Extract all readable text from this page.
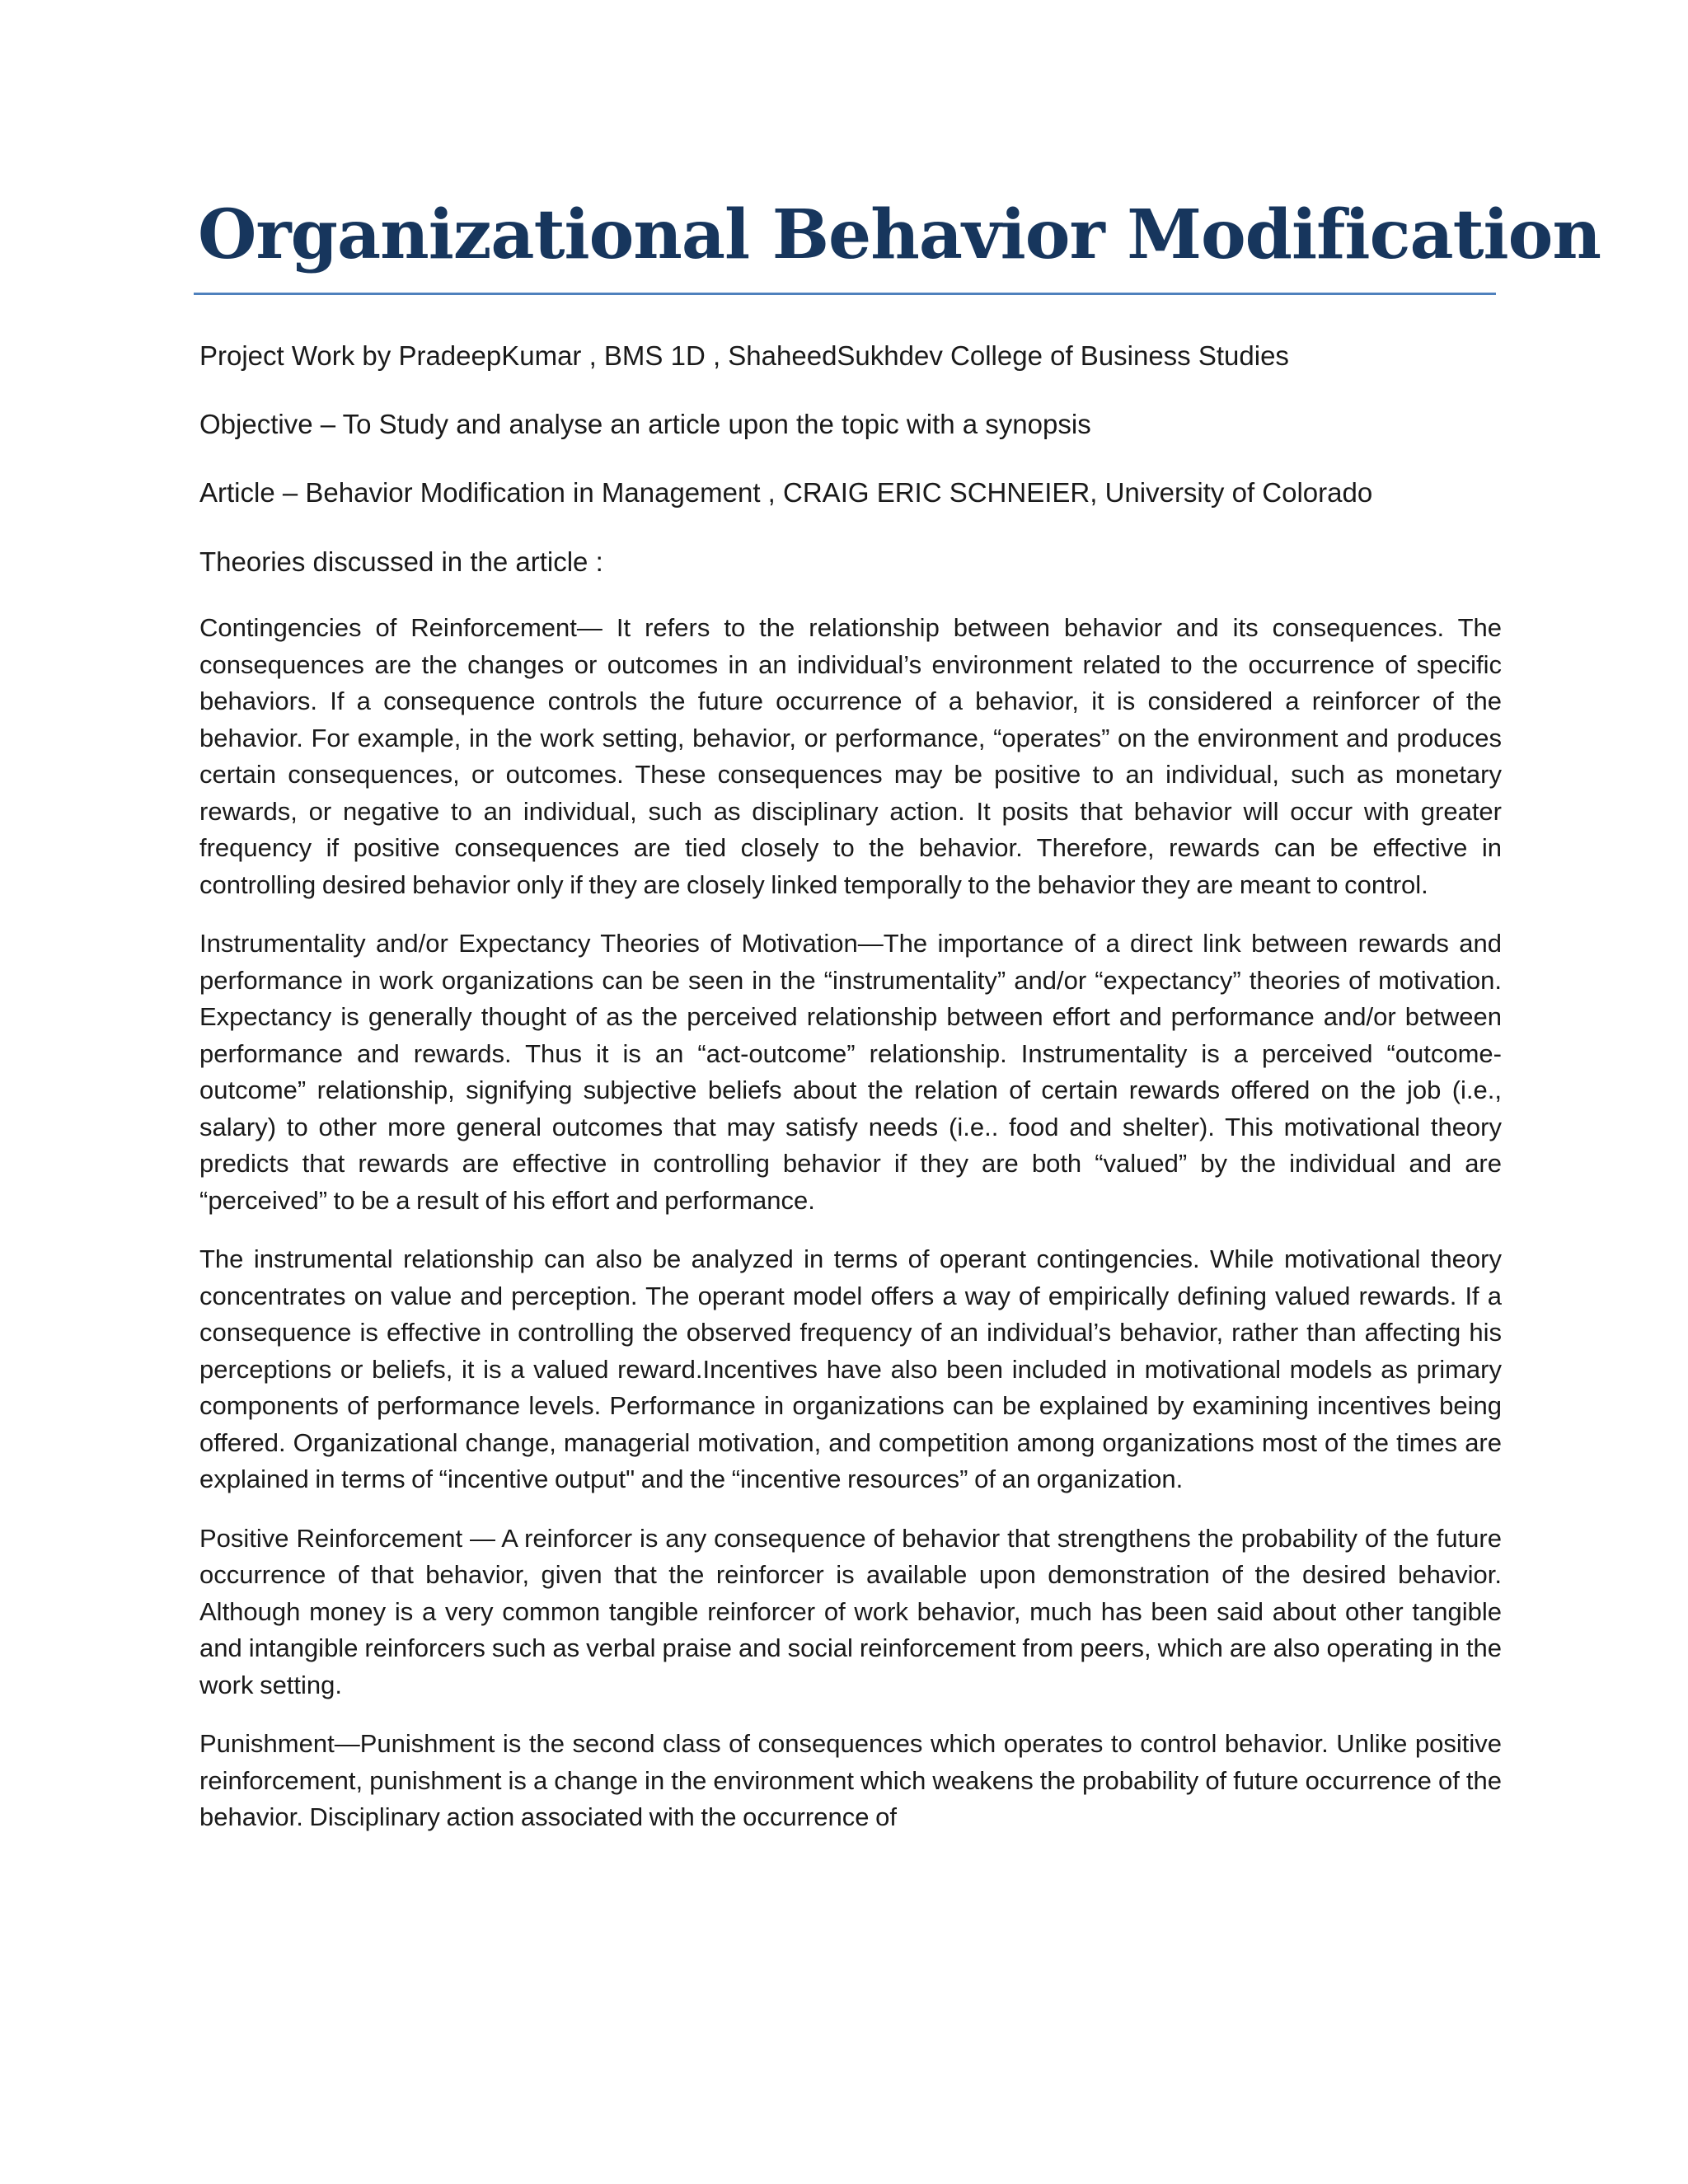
Organizational Behavior Modification
Project Work by PradeepKumar , BMS 1D , ShaheedSukhdev College of Business Studies
Objective – To Study and analyse an article upon the topic with a synopsis
Article – Behavior Modification in Management , CRAIG ERIC SCHNEIER, University of Colorado
Theories discussed in the article :

Contingencies of Reinforcement— It refers to the relationship between behavior and its consequences. The consequences are the changes or outcomes in an individual’s environment related to the occurrence of specific behaviors. If a consequence controls the future occurrence of a behavior, it is considered a reinforcer of the behavior. For example, in the work setting, behavior, or performance, “operates” on the environment and produces certain consequences, or outcomes. These consequences may be positive to an individual, such as monetary rewards, or negative to an individual, such as disciplinary action. It posits that behavior will occur with greater frequency if positive consequences are tied closely to the behavior. Therefore, rewards can be effective in controlling desired behavior only if they are closely linked temporally to the behavior they are meant to control.

Instrumentality and/or Expectancy Theories of Motivation—The importance of a direct link between rewards and performance in work organizations can be seen in the “instrumentality” and/or “expectancy” theories of motivation. Expectancy is generally thought of as the perceived relationship between effort and performance and/or between performance and rewards. Thus it is an “act-outcome” relationship. Instrumentality is a perceived “outcome-outcome” relationship, signifying subjective beliefs about the relation of certain rewards offered on the job (i.e., salary) to other more general outcomes that may satisfy needs (i.e.. food and shelter). This motivational theory predicts that rewards are effective in controlling behavior if they are both “valued” by the individual and are “perceived” to be a result of his effort and performance.

The instrumental relationship can also be analyzed in terms of operant contingencies. While motivational theory concentrates on value and perception. The operant model offers a way of empirically defining valued rewards. If a consequence is effective in controlling the observed frequency of an individual’s behavior, rather than affecting his perceptions or beliefs, it is a valued reward.Incentives have also been included in motivational models as primary components of performance levels. Performance in organizations can be explained by examining incentives being offered. Organizational change, managerial motivation, and competition among organizations most of the times are explained in terms of “incentive output" and the “incentive resources” of an organization.

Positive Reinforcement — A reinforcer is any consequence of behavior that strengthens the probability of the future occurrence of that behavior, given that the reinforcer is available upon demonstration of the desired behavior. Although money is a very common tangible reinforcer of work behavior, much has been said about other tangible and intangible reinforcers such as verbal praise and social reinforcement from peers, which are also operating in the work setting.

Punishment—Punishment is the second class of consequences which operates to control behavior. Unlike positive reinforcement, punishment is a change in the environment which weakens the probability of future occurrence of the behavior. Disciplinary action associated with the occurrence of
